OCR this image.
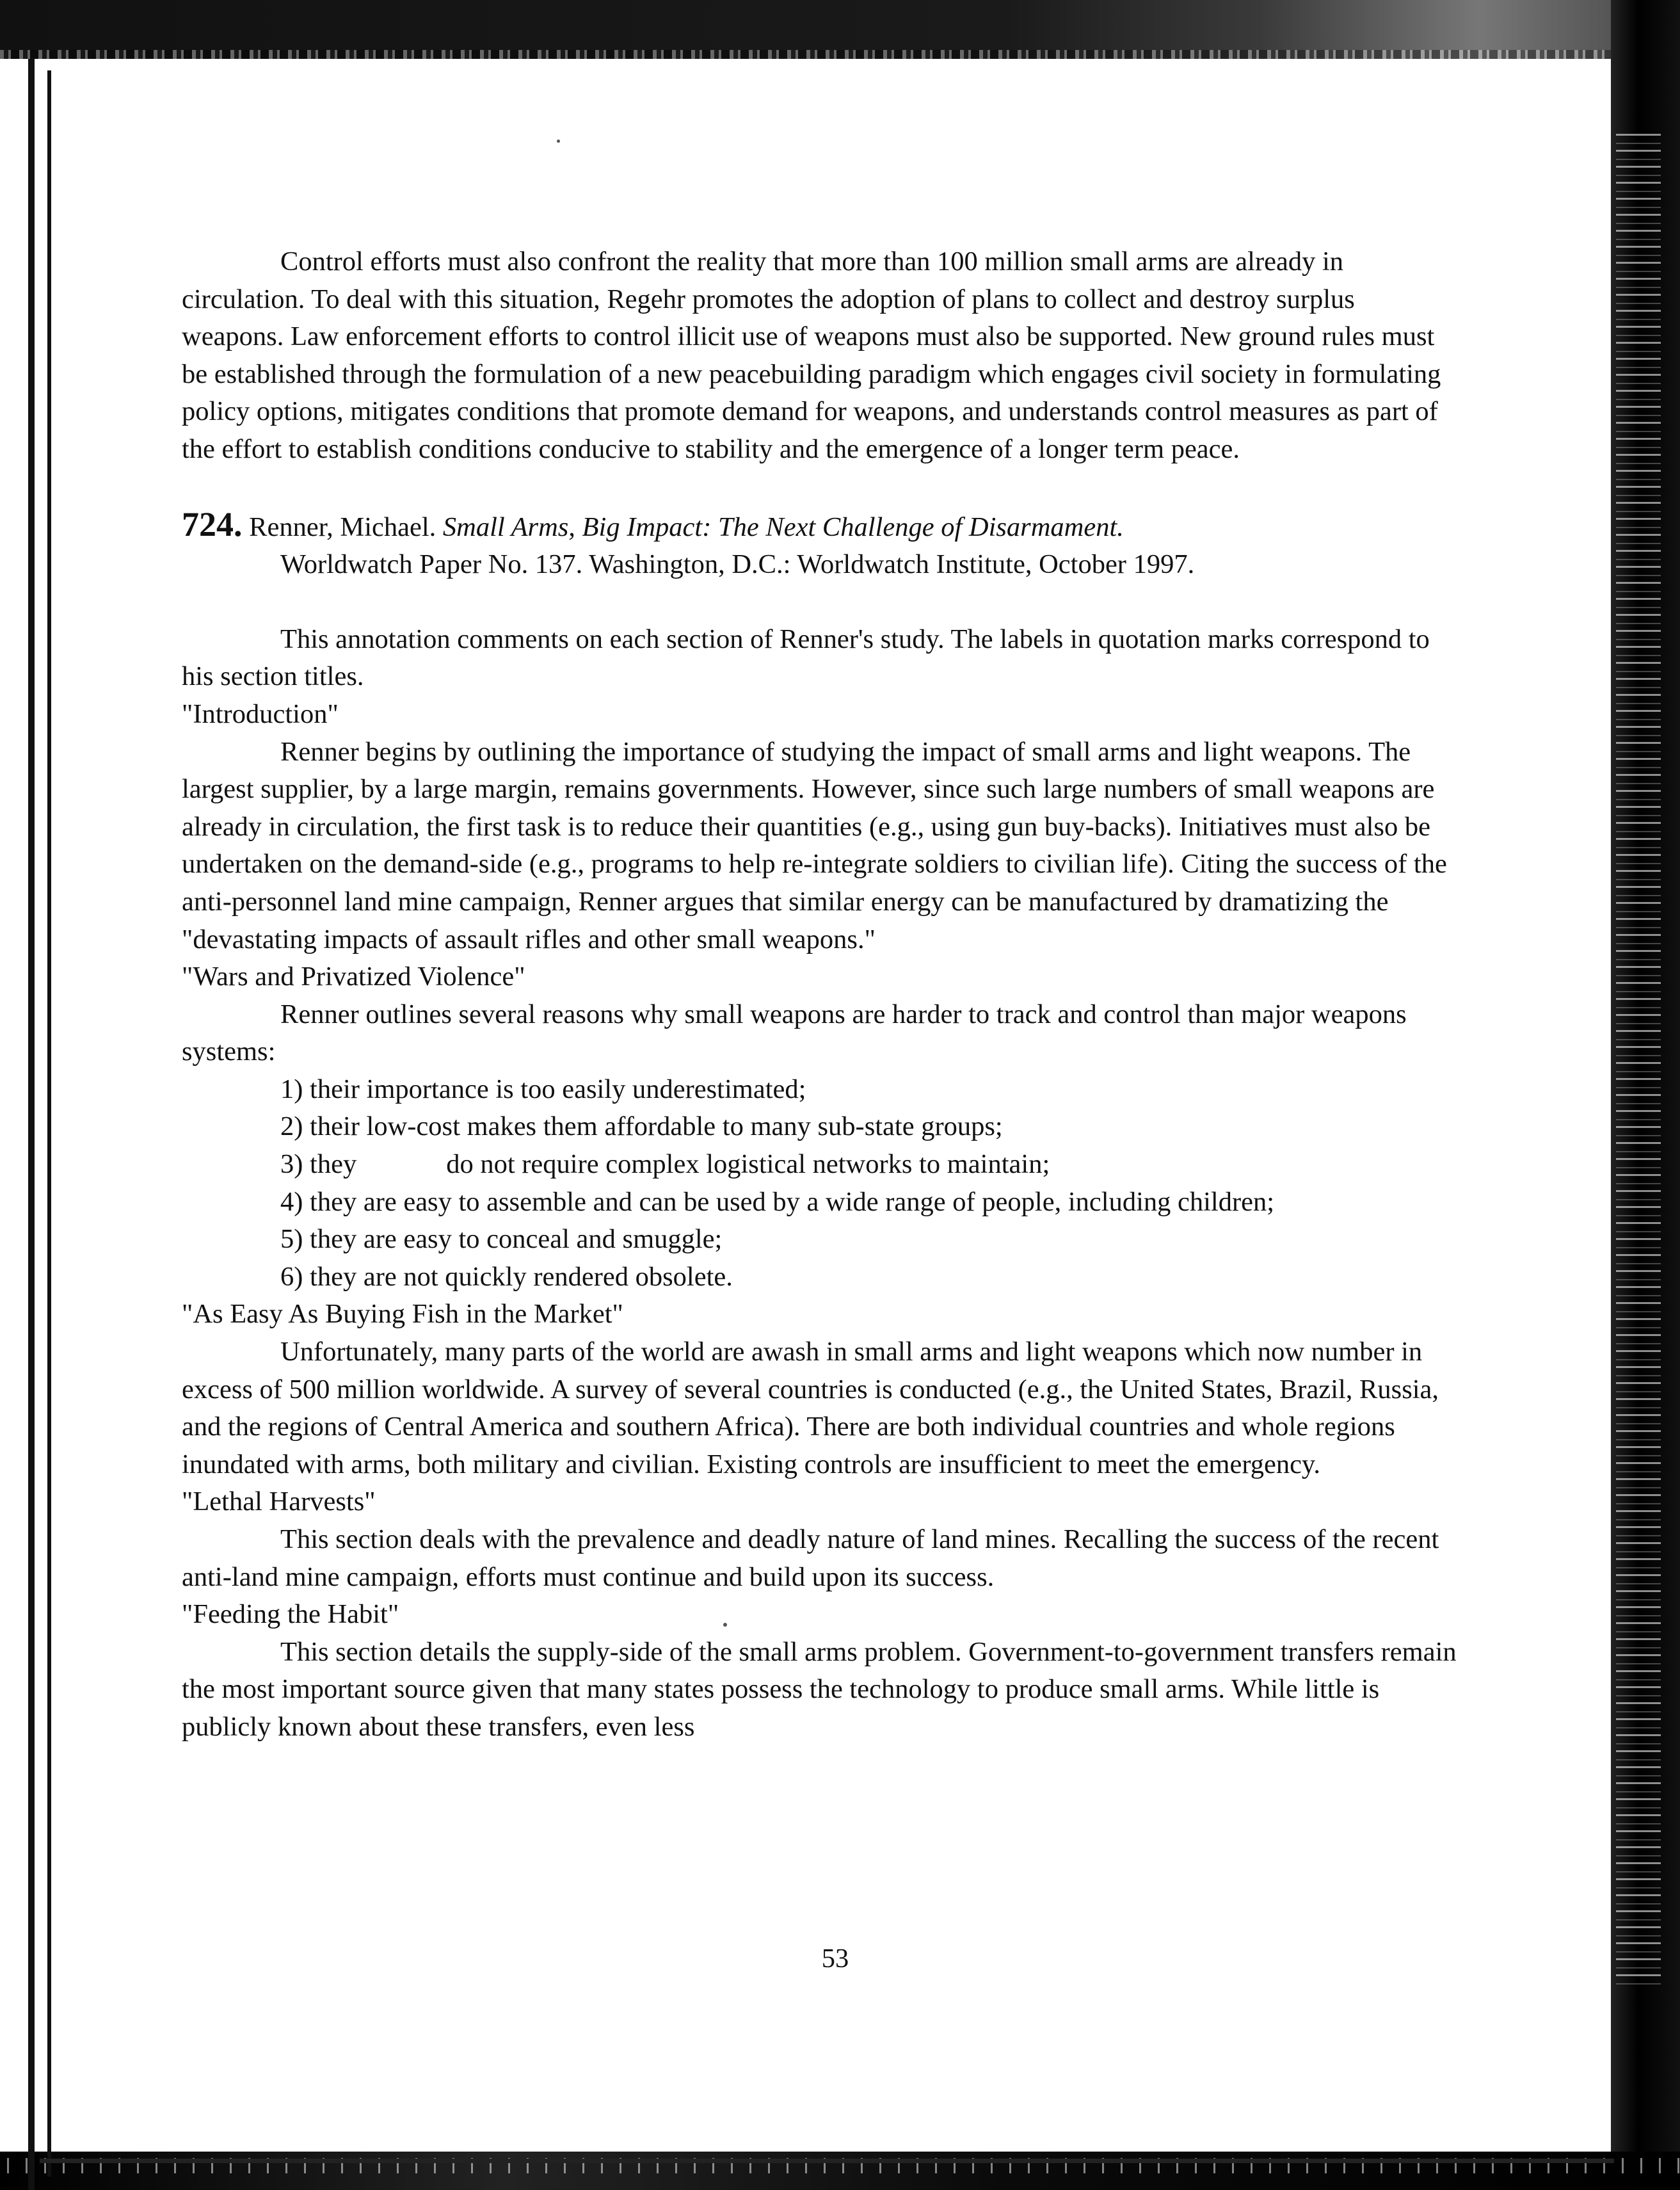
Control efforts must also confront the reality that more than 100 million small arms are already in circulation. To deal with this situation, Regehr promotes the adoption of plans to collect and destroy surplus weapons. Law enforcement efforts to control illicit use of weapons must also be supported. New ground rules must be established through the formulation of a new peacebuilding paradigm which engages civil society in formulating policy options, mitigates conditions that promote demand for weapons, and understands control measures as part of the effort to establish conditions conducive to stability and the emergence of a longer term peace.

724. Renner, Michael. Small Arms, Big Impact: The Next Challenge of Disarmament.
Worldwatch Paper No. 137. Washington, D.C.: Worldwatch Institute, October 1997.

This annotation comments on each section of Renner's study. The labels in quotation marks correspond to his section titles.

"Introduction"

Renner begins by outlining the importance of studying the impact of small arms and light weapons. The largest supplier, by a large margin, remains governments. However, since such large numbers of small weapons are already in circulation, the first task is to reduce their quantities (e.g., using gun buy-backs). Initiatives must also be undertaken on the demand-side (e.g., programs to help re-integrate soldiers to civilian life). Citing the success of the anti-personnel land mine campaign, Renner argues that similar energy can be manufactured by dramatizing the "devastating impacts of assault rifles and other small weapons."

"Wars and Privatized Violence"

Renner outlines several reasons why small weapons are harder to track and control than major weapons systems:

1) their importance is too easily underestimated;

2) their low-cost makes them affordable to many sub-state groups;

3) they	do not require complex logistical networks to maintain;

4) they are easy to assemble and can be used by a wide range of people, including children;

5) they are easy to conceal and smuggle;

6) they are not quickly rendered obsolete.

"As Easy As Buying Fish in the Market"

Unfortunately, many parts of the world are awash in small arms and light weapons which now number in excess of 500 million worldwide. A survey of several countries is conducted (e.g., the United States, Brazil, Russia, and the regions of Central America and southern Africa). There are both individual countries and whole regions inundated with arms, both military and civilian. Existing controls are insufficient to meet the emergency.

"Lethal Harvests"

This section deals with the prevalence and deadly nature of land mines. Recalling the success of the recent anti-land mine campaign, efforts must continue and build upon its success.

"Feeding the Habit"

This section details the supply-side of the small arms problem. Government-to-government transfers remain the most important source given that many states possess the technology to produce small arms. While little is publicly known about these transfers, even less

53
